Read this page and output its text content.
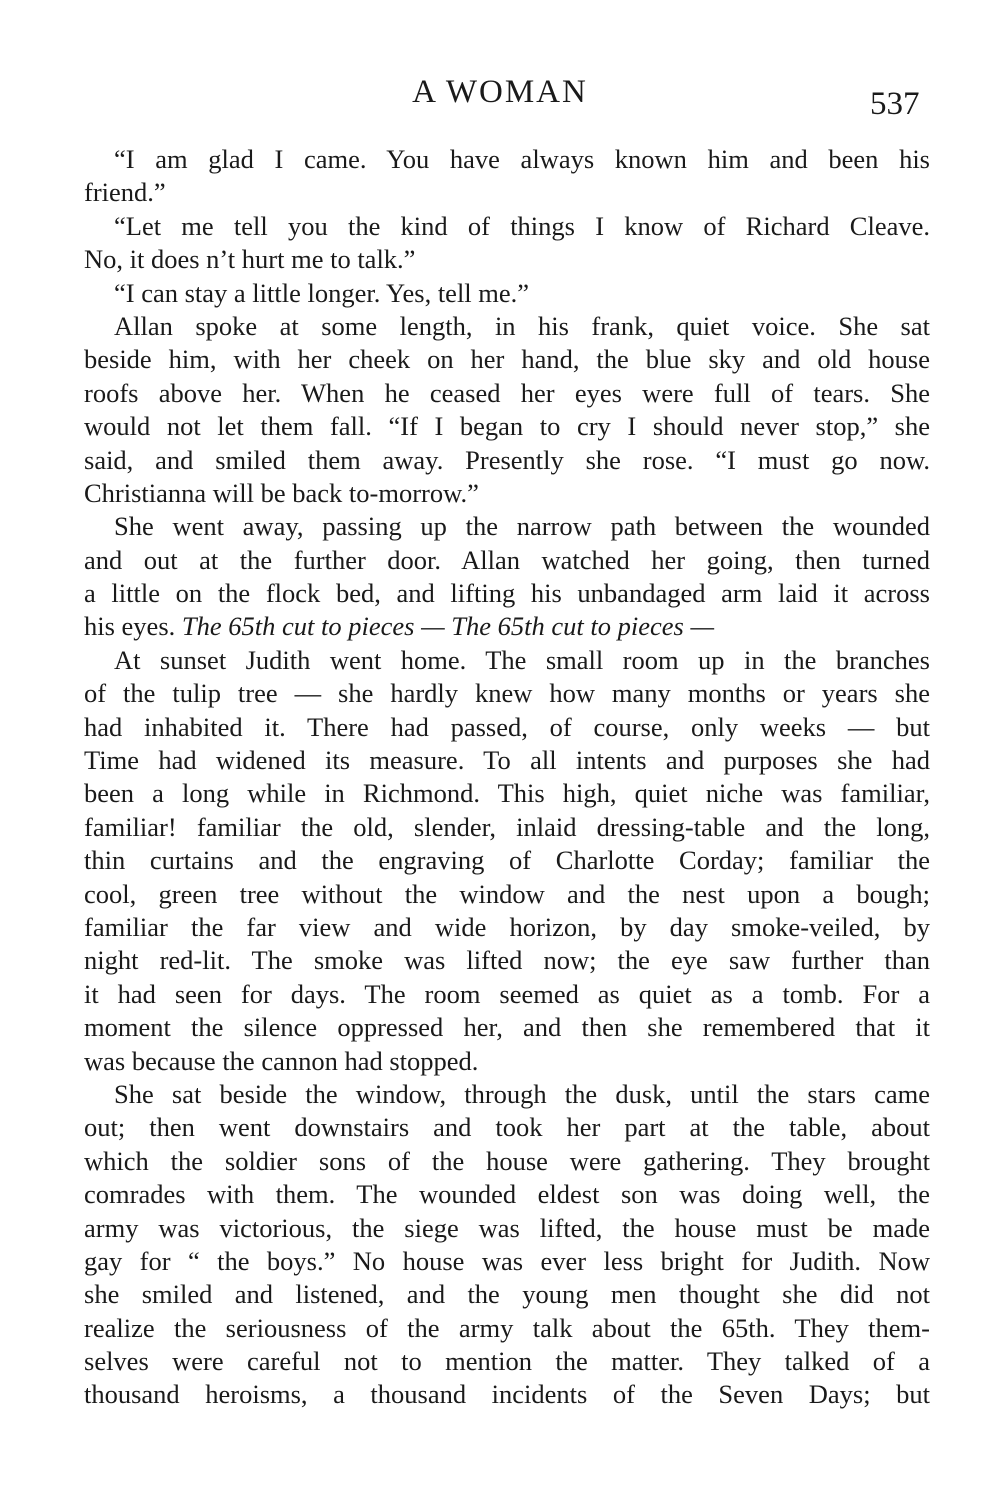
A WOMAN	537
“I am glad I came. You have always known him and been his
friend.”
“Let me tell you the kind of things I know of Richard Cleave.
No, it does n’t hurt me to talk.”
“I can stay a little longer. Yes, tell me.”
Allan spoke at some length, in his frank, quiet voice. She sat
beside him, with her cheek on her hand, the blue sky and old house
roofs above her. When he ceased her eyes were full of tears. She
would not let them fall. “If I began to cry I should never stop,” she
said, and smiled them away. Presently she rose. “I must go now.
Christianna will be back to-morrow.”
She went away, passing up the narrow path between the wounded
and out at the further door. Allan watched her going, then turned
a little on the flock bed, and lifting his unbandaged arm laid it across
his eyes. The 65th cut to pieces — The 65th cut to pieces —
At sunset Judith went home. The small room up in the branches
of the tulip tree — she hardly knew how many months or years she
had inhabited it. There had passed, of course, only weeks — but
Time had widened its measure. To all intents and purposes she had
been a long while in Richmond. This high, quiet niche was familiar,
familiar! familiar the old, slender, inlaid dressing-table and the long,
thin curtains and the engraving of Charlotte Corday; familiar the
cool, green tree without the window and the nest upon a bough;
familiar the far view and wide horizon, by day smoke-veiled, by
night red-lit. The smoke was lifted now; the eye saw further than
it had seen for days. The room seemed as quiet as a tomb. For a
moment the silence oppressed her, and then she remembered that it
was because the cannon had stopped.
She sat beside the window, through the dusk, until the stars came
out; then went downstairs and took her part at the table, about
which the soldier sons of the house were gathering. They brought
comrades with them. The wounded eldest son was doing well, the
army was victorious, the siege was lifted, the house must be made
gay for “ the boys.” No house was ever less bright for Judith. Now
she smiled and listened, and the young men thought she did not
realize the seriousness of the army talk about the 65th. They them-
selves were careful not to mention the matter. They talked of a
thousand heroisms, a thousand incidents of the Seven Days; but
